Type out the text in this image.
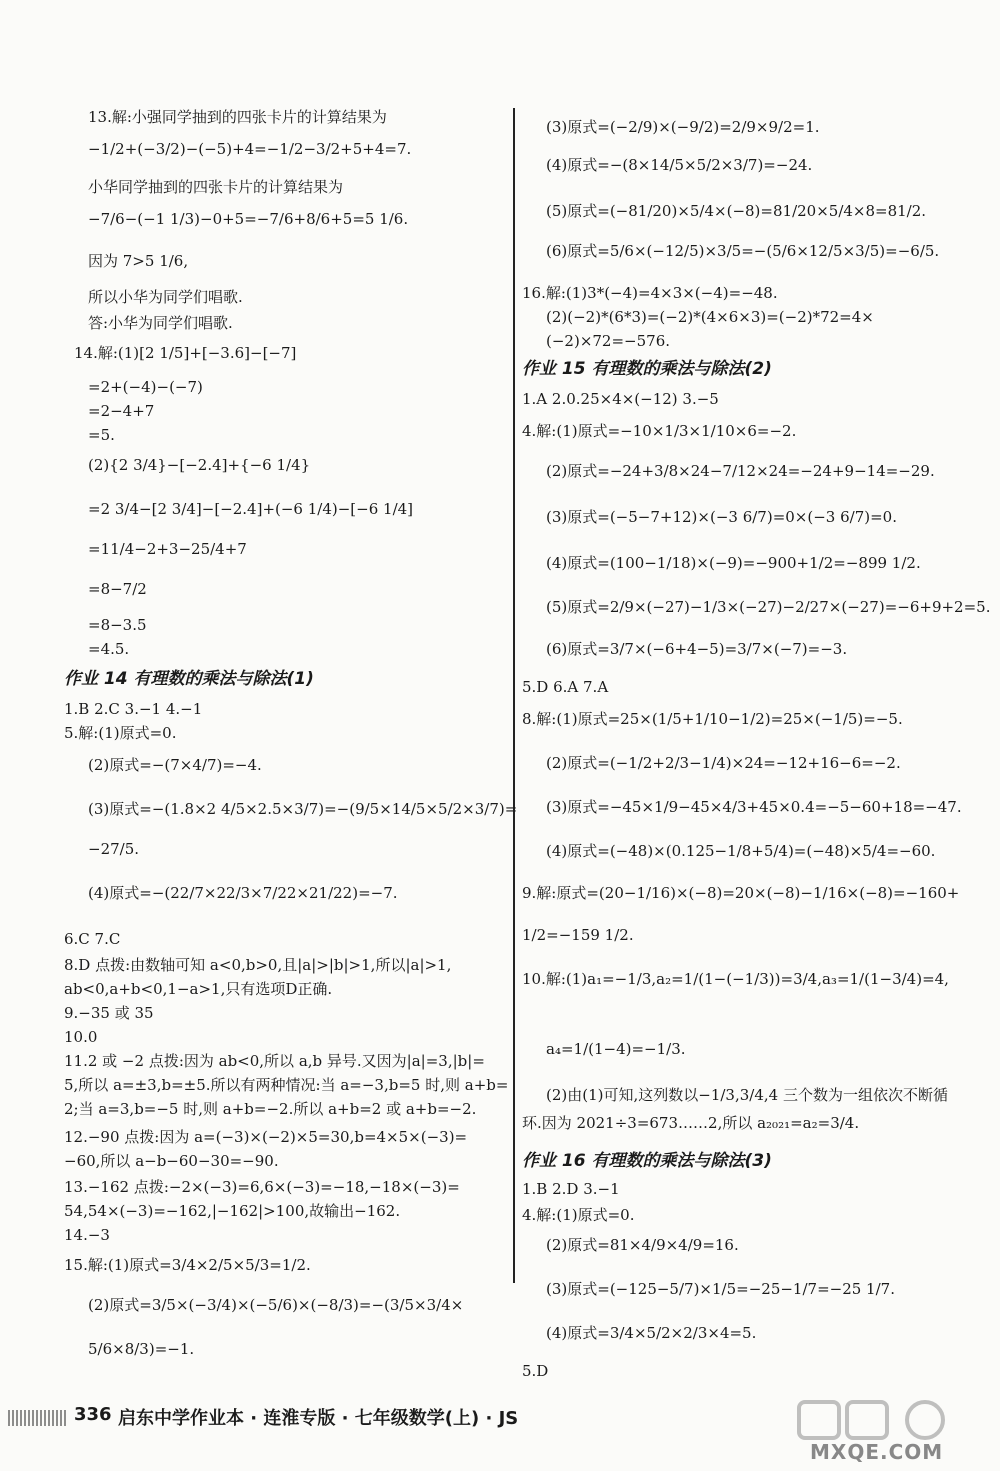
13.解:小强同学抽到的四张卡片的计算结果为
−1/2+(−3/2)−(−5)+4=−1/2−3/2+5+4=7.
小华同学抽到的四张卡片的计算结果为
−7/6−(−1 1/3)−0+5=−7/6+8/6+5=5 1/6.
因为 7>5 1/6,
所以小华为同学们唱歌.
答:小华为同学们唱歌.
14.解:(1)[2 1/5]+[−3.6]−[−7]
=2+(−4)−(−7)
=2−4+7
=5.
(2){2 3/4}−[−2.4]+{−6 1/4}
=2 3/4−[2 3/4]−[−2.4]+(−6 1/4)−[−6 1/4]
=11/4−2+3−25/4+7
=8−7/2
=8−3.5
=4.5.
作业 14 有理数的乘法与除法(1)
1.B 2.C 3.−1 4.−1
5.解:(1)原式=0.
(2)原式=−(7×4/7)=−4.
(3)原式=−(1.8×2 4/5×2.5×3/7)=−(9/5×14/5×5/2×3/7)=
−27/5.
(4)原式=−(22/7×22/3×7/22×21/22)=−7.
6.C 7.C
8.D 点拨:由数轴可知 a<0,b>0,且|a|>|b|>1,所以|a|>1,
ab<0,a+b<0,1−a>1,只有选项D正确.
9.−35 或 35
10.0
11.2 或 −2 点拨:因为 ab<0,所以 a,b 异号.又因为|a|=3,|b|=
5,所以 a=±3,b=±5.所以有两种情况:当 a=−3,b=5 时,则 a+b=
2;当 a=3,b=−5 时,则 a+b=−2.所以 a+b=2 或 a+b=−2.
12.−90 点拨:因为 a=(−3)×(−2)×5=30,b=4×5×(−3)=
−60,所以 a−b−60−30=−90.
13.−162 点拨:−2×(−3)=6,6×(−3)=−18,−18×(−3)=
54,54×(−3)=−162,|−162|>100,故输出−162.
14.−3
15.解:(1)原式=3/4×2/5×5/3=1/2.
(2)原式=3/5×(−3/4)×(−5/6)×(−8/3)=−(3/5×3/4×
5/6×8/3)=−1.
(3)原式=(−2/9)×(−9/2)=2/9×9/2=1.
(4)原式=−(8×14/5×5/2×3/7)=−24.
(5)原式=(−81/20)×5/4×(−8)=81/20×5/4×8=81/2.
(6)原式=5/6×(−12/5)×3/5=−(5/6×12/5×3/5)=−6/5.
16.解:(1)3*(−4)=4×3×(−4)=−48.
(2)(−2)*(6*3)=(−2)*(4×6×3)=(−2)*72=4×
(−2)×72=−576.
作业 15 有理数的乘法与除法(2)
1.A 2.0.25×4×(−12) 3.−5
4.解:(1)原式=−10×1/3×1/10×6=−2.
(2)原式=−24+3/8×24−7/12×24=−24+9−14=−29.
(3)原式=(−5−7+12)×(−3 6/7)=0×(−3 6/7)=0.
(4)原式=(100−1/18)×(−9)=−900+1/2=−899 1/2.
(5)原式=2/9×(−27)−1/3×(−27)−2/27×(−27)=−6+9+2=5.
(6)原式=3/7×(−6+4−5)=3/7×(−7)=−3.
5.D 6.A 7.A
8.解:(1)原式=25×(1/5+1/10−1/2)=25×(−1/5)=−5.
(2)原式=(−1/2+2/3−1/4)×24=−12+16−6=−2.
(3)原式=−45×1/9−45×4/3+45×0.4=−5−60+18=−47.
(4)原式=(−48)×(0.125−1/8+5/4)=(−48)×5/4=−60.
9.解:原式=(20−1/16)×(−8)=20×(−8)−1/16×(−8)=−160+
1/2=−159 1/2.
10.解:(1)a₁=−1/3,a₂=1/(1−(−1/3))=3/4,a₃=1/(1−3/4)=4,
a₄=1/(1−4)=−1/3.
(2)由(1)可知,这列数以−1/3,3/4,4 三个数为一组依次不断循
环.因为 2021÷3=673……2,所以 a₂₀₂₁=a₂=3/4.
作业 16 有理数的乘法与除法(3)
1.B 2.D 3.−1
4.解:(1)原式=0.
(2)原式=81×4/9×4/9=16.
(3)原式=(−125−5/7)×1/5=−25−1/7=−25 1/7.
(4)原式=3/4×5/2×2/3×4=5.
5.D
336 启东中学作业本 · 连淮专版 · 七年级数学(上) · JS
MXQE.COM
